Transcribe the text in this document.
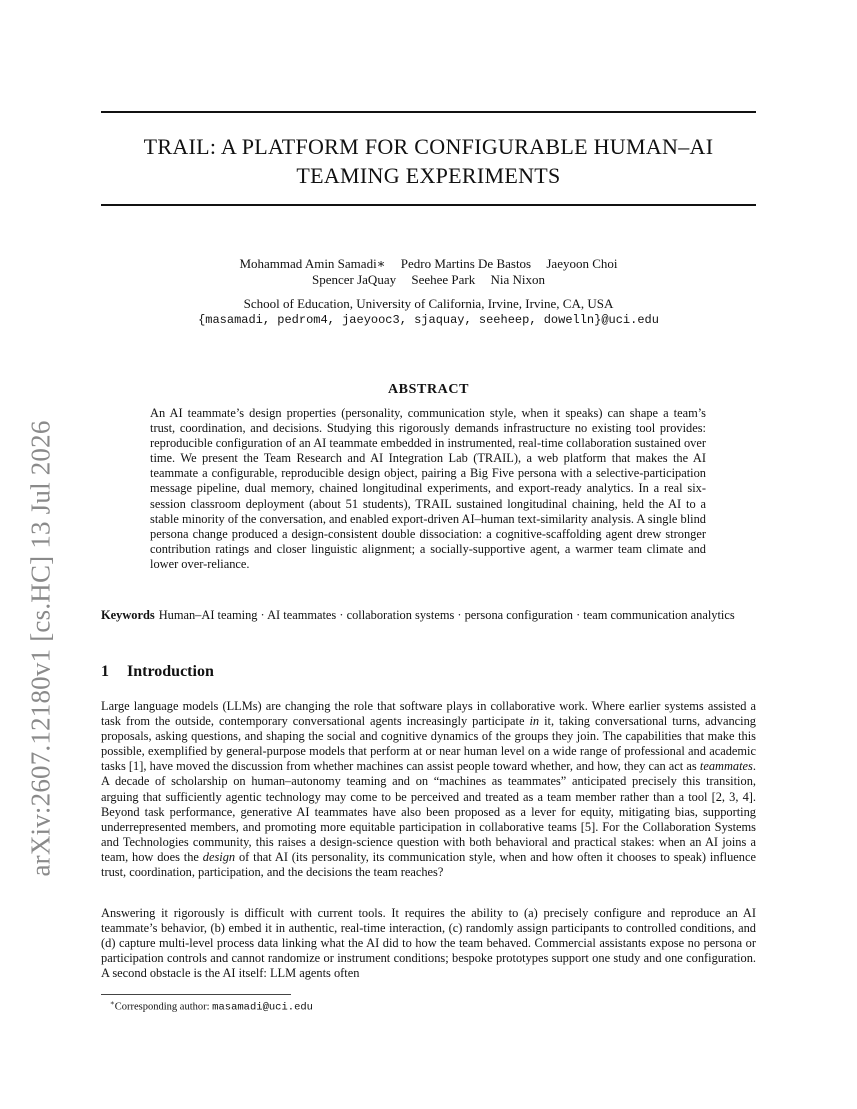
arXiv:2607.12180v1 [cs.HC] 13 Jul 2026
TRAIL: A PLATFORM FOR CONFIGURABLE HUMAN–AI
TEAMING EXPERIMENTS
Mohammad Amin Samadi∗ Pedro Martins De Bastos Jaeyoon Choi
Spencer JaQuay Seehee Park Nia Nixon
School of Education, University of California, Irvine, Irvine, CA, USA
{masamadi, pedrom4, jaeyooc3, sjaquay, seeheep, dowelln}@uci.edu
ABSTRACT
An AI teammate’s design properties (personality, communication style, when it speaks) can shape a team’s trust, coordination, and decisions. Studying this rigorously demands infrastructure no existing tool provides: reproducible configuration of an AI teammate embedded in instrumented, real-time collaboration sustained over time. We present the Team Research and AI Integration Lab (TRAIL), a web platform that makes the AI teammate a configurable, reproducible design object, pairing a Big Five persona with a selective-participation message pipeline, dual memory, chained longitudinal experiments, and export-ready analytics. In a real six-session classroom deployment (about 51 students), TRAIL sustained longitudinal chaining, held the AI to a stable minority of the conversation, and enabled export-driven AI–human text-similarity analysis. A single blind persona change produced a design-consistent double dissociation: a cognitive-scaffolding agent drew stronger contribution ratings and closer linguistic alignment; a socially-supportive agent, a warmer team climate and lower over-reliance.
Keywords Human–AI teaming · AI teammates · collaboration systems · persona configuration · team communication analytics
1 Introduction
Large language models (LLMs) are changing the role that software plays in collaborative work. Where earlier systems assisted a task from the outside, contemporary conversational agents increasingly participate in it, taking conversational turns, advancing proposals, asking questions, and shaping the social and cognitive dynamics of the groups they join. The capabilities that make this possible, exemplified by general-purpose models that perform at or near human level on a wide range of professional and academic tasks [1], have moved the discussion from whether machines can assist people toward whether, and how, they can act as teammates. A decade of scholarship on human–autonomy teaming and on “machines as teammates” anticipated precisely this transition, arguing that sufficiently agentic technology may come to be perceived and treated as a team member rather than a tool [2, 3, 4]. Beyond task performance, generative AI teammates have also been proposed as a lever for equity, mitigating bias, supporting underrepresented members, and promoting more equitable participation in collaborative teams [5]. For the Collaboration Systems and Technologies community, this raises a design-science question with both behavioral and practical stakes: when an AI joins a team, how does the design of that AI (its personality, its communication style, when and how often it chooses to speak) influence trust, coordination, participation, and the decisions the team reaches?
Answering it rigorously is difficult with current tools. It requires the ability to (a) precisely configure and reproduce an AI teammate’s behavior, (b) embed it in authentic, real-time interaction, (c) randomly assign participants to controlled conditions, and (d) capture multi-level process data linking what the AI did to how the team behaved. Commercial assistants expose no persona or participation controls and cannot randomize or instrument conditions; bespoke prototypes support one study and one configuration. A second obstacle is the AI itself: LLM agents often
∗Corresponding author: masamadi@uci.edu
